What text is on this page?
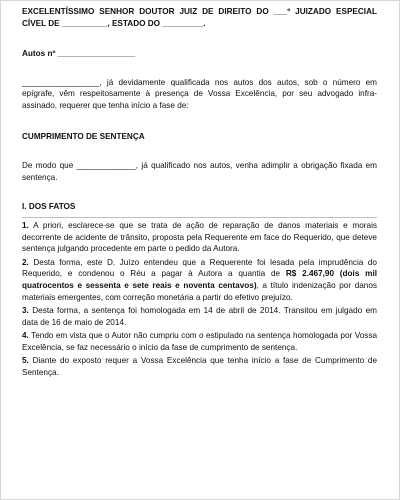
EXCELENTÍSSIMO SENHOR DOUTOR JUIZ DE DIREITO DO ___º JUIZADO ESPECIAL
CÍVEL DE __________, ESTADO DO _________.
Autos nº _________________
_________________, já devidamente qualificada nos autos dos autos, sob o número em epígrafe, vêm respeitosamente à presença de Vossa Excelência, por seu advogado infra-assinado, requerer que tenha início a fase de:
CUMPRIMENTO DE SENTENÇA
De modo que _____________, já qualificado nos autos, venha adimplir a obrigação fixada em sentença.
I. DOS FATOS
1. A priori, esclarece-se que se trata de ação de reparação de danos materiais e morais decorrente de acidente de trânsito, proposta pela Requerente em face do Requerido, que deteve sentença julgando procedente em parte o pedido da Autora.
2. Desta forma, este D. Juízo entendeu que a Requerente foi lesada pela imprudência do Requerido, e condenou o Réu a pagar à Autora a quantia de R$ 2.467,90 (dois mil quatrocentos e sessenta e sete reais e noventa centavos), a título indenização por danos materiais emergentes, com correção monetária a partir do efetivo prejuízo.
3. Desta forma, a sentença foi homologada em 14 de abril de 2014. Transitou em julgado em data de 16 de maio de 2014.
4. Tendo em vista que o Autor não cumpriu com o estipulado na sentença homologada por Vossa Excelência, se faz necessário o início da fase de cumprimento de sentença.
5. Diante do exposto requer a Vossa Excelência que tenha início a fase de Cumprimento de Sentença.
